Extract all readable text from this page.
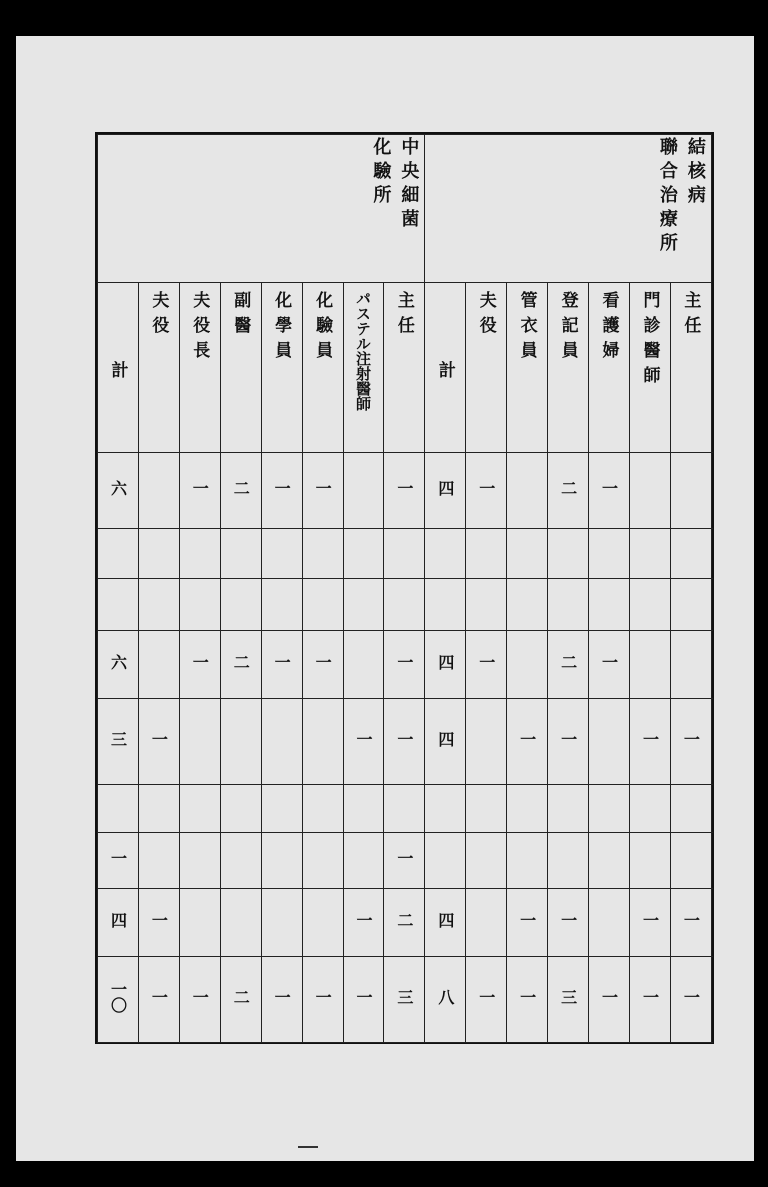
中央細菌
化驗所								結核病
聯合治療所							

計	夫役	夫役長	副醫	化學員	化驗員	パステル注射醫師	主任	計	夫役	管衣員	登記員	看護婦	門診醫師	主任	
六		一	二	一	一		一	四	一		二	一			

六		一	二	一	一		一	四	一		二	一			
三	一					一	一	四		一	一		一	一	

一							一								
四	一					一	二	四		一	一		一	一	
一〇	一	一	二	一	一	一	三	八	一	一	三	一	一	一	
